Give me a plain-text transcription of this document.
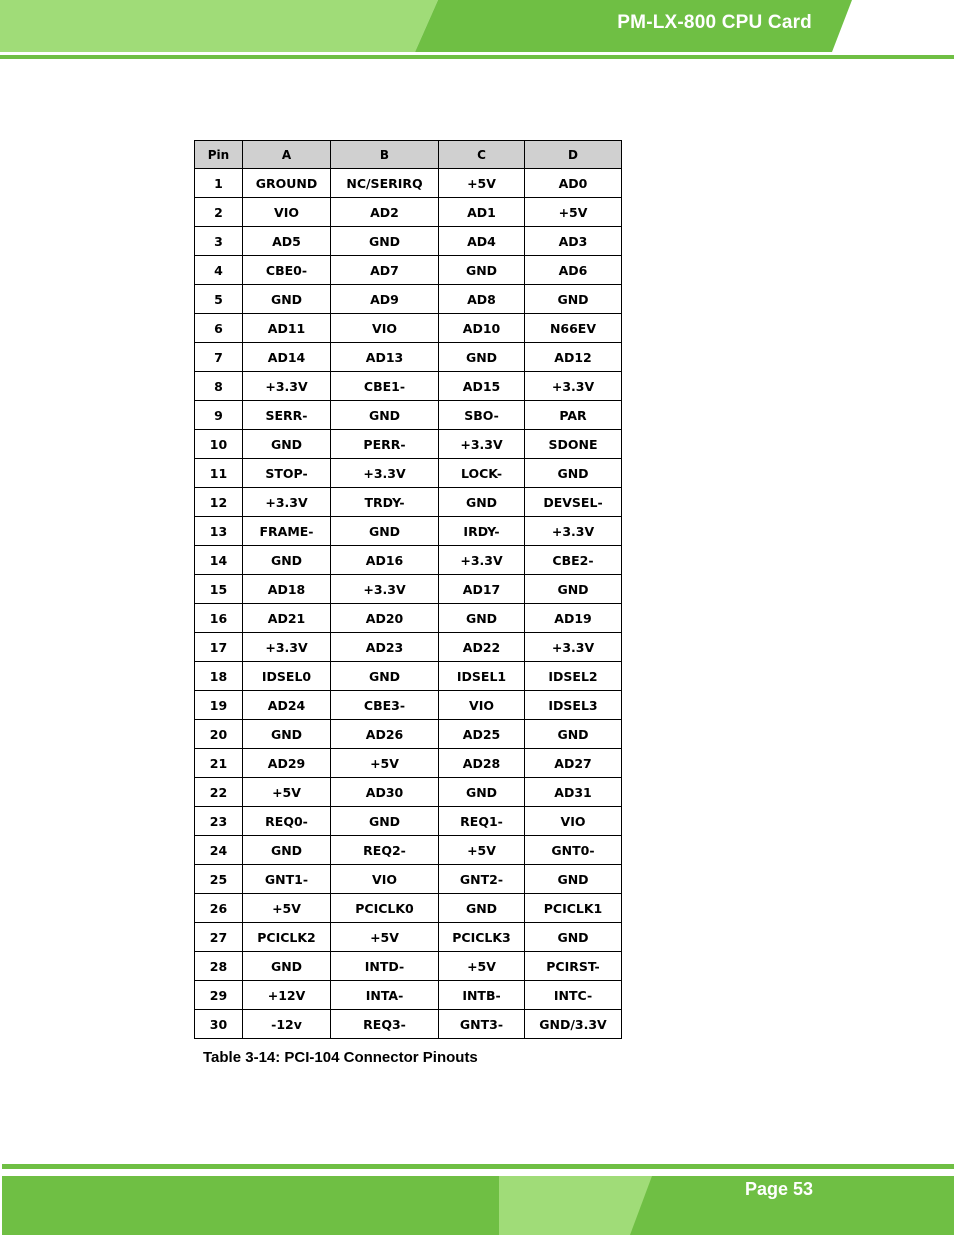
PM-LX-800 CPU Card
Pin	A	B	C	D
1	GROUND	NC/SERIRQ	+5V	AD0
2	VIO	AD2	AD1	+5V
3	AD5	GND	AD4	AD3
4	CBE0-	AD7	GND	AD6
5	GND	AD9	AD8	GND
6	AD11	VIO	AD10	N66EV
7	AD14	AD13	GND	AD12
8	+3.3V	CBE1-	AD15	+3.3V
9	SERR-	GND	SBO-	PAR
10	GND	PERR-	+3.3V	SDONE
11	STOP-	+3.3V	LOCK-	GND
12	+3.3V	TRDY-	GND	DEVSEL-
13	FRAME-	GND	IRDY-	+3.3V
14	GND	AD16	+3.3V	CBE2-
15	AD18	+3.3V	AD17	GND
16	AD21	AD20	GND	AD19
17	+3.3V	AD23	AD22	+3.3V
18	IDSEL0	GND	IDSEL1	IDSEL2
19	AD24	CBE3-	VIO	IDSEL3
20	GND	AD26	AD25	GND
21	AD29	+5V	AD28	AD27
22	+5V	AD30	GND	AD31
23	REQ0-	GND	REQ1-	VIO
24	GND	REQ2-	+5V	GNT0-
25	GNT1-	VIO	GNT2-	GND
26	+5V	PCICLK0	GND	PCICLK1
27	PCICLK2	+5V	PCICLK3	GND
28	GND	INTD-	+5V	PCIRST-
29	+12V	INTA-	INTB-	INTC-
30	-12v	REQ3-	GNT3-	GND/3.3V
Table 3-14: PCI-104 Connector Pinouts
Page 53
